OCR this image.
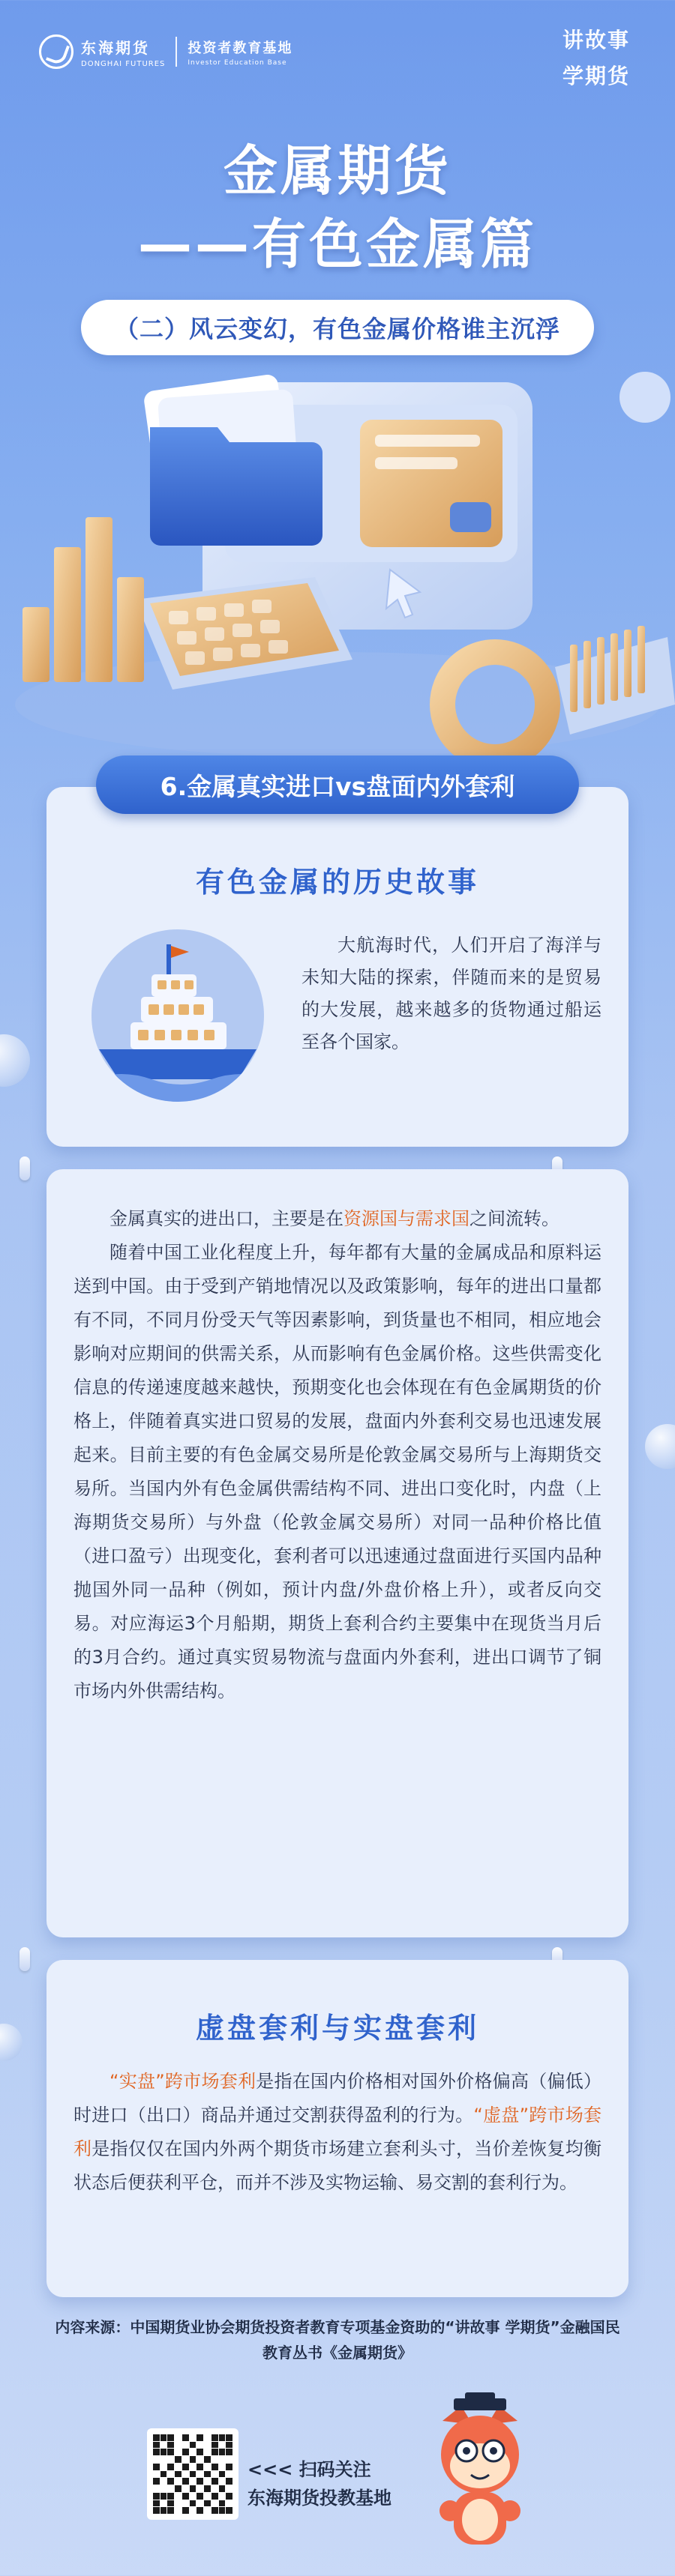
东海期货
DONGHAI FUTURES
投资者教育基地
Investor Education Base
讲故事
学期货
金属期货
——有色金属篇
（二）风云变幻，有色金属价格谁主沉浮
有色金属的历史故事
大航海时代，人们开启了海洋与未知大陆的探索，伴随而来的是贸易的大发展，越来越多的货物通过船运至各个国家。
6.金属真实进口vs盘面内外套利

金属真实的进出口，主要是在资源国与需求国之间流转。

随着中国工业化程度上升，每年都有大量的金属成品和原料运送到中国。由于受到产销地情况以及政策影响，每年的进出口量都有不同，不同月份受天气等因素影响，到货量也不相同，相应地会影响对应期间的供需关系，从而影响有色金属价格。这些供需变化信息的传递速度越来越快，预期变化也会体现在有色金属期货的价格上，伴随着真实进口贸易的发展，盘面内外套利交易也迅速发展起来。目前主要的有色金属交易所是伦敦金属交易所与上海期货交易所。当国内外有色金属供需结构不同、进出口变化时，内盘（上海期货交易所）与外盘（伦敦金属交易所）对同一品种价格比值（进口盈亏）出现变化，套利者可以迅速通过盘面进行买国内品种抛国外同一品种（例如，预计内盘/外盘价格上升），或者反向交易。对应海运3个月船期，期货上套利合约主要集中在现货当月后的3月合约。通过真实贸易物流与盘面内外套利，进出口调节了铜市场内外供需结构。

虚盘套利与实盘套利
“实盘”跨市场套利是指在国内价格相对国外价格偏高（偏低）时进口（出口）商品并通过交割获得盈利的行为。“虚盘”跨市场套利是指仅仅在国内外两个期货市场建立套利头寸，当价差恢复均衡状态后便获利平仓，而并不涉及实物运输、易交割的套利行为。
内容来源：中国期货业协会期货投资者教育专项基金资助的“讲故事 学期货”金融国民教育丛书《金属期货》
<<< 扫码关注
东海期货投教基地
